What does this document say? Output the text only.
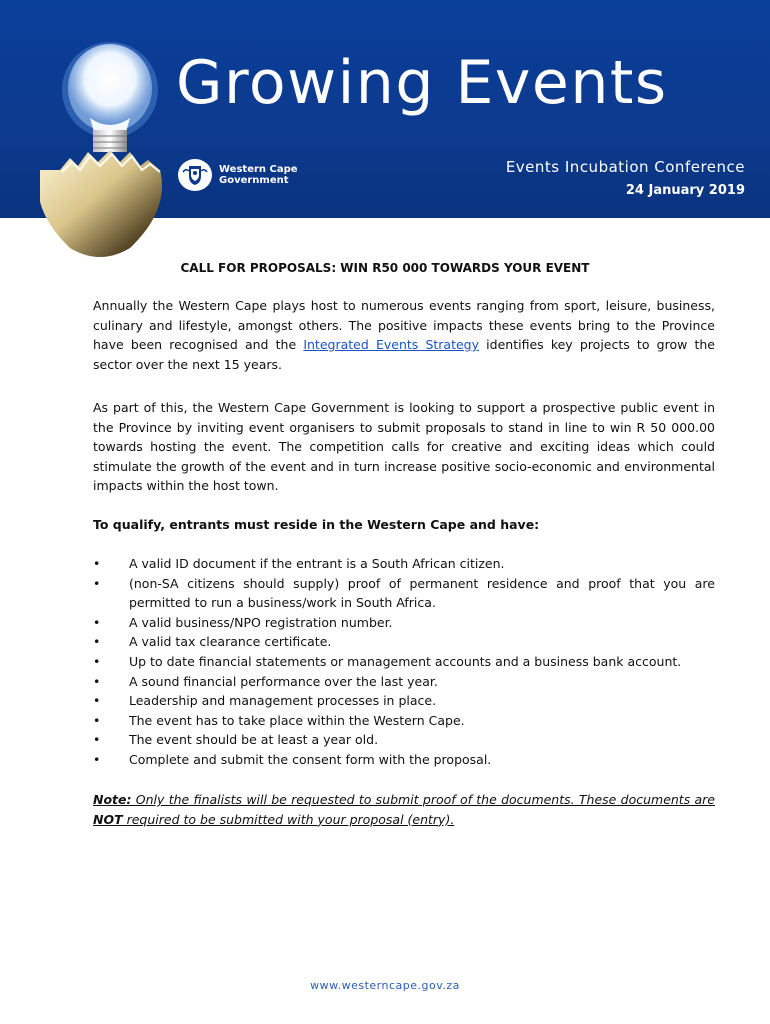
Growing Events
Western Cape
Government
Events Incubation Conference
24 January 2019
CALL FOR PROPOSALS: WIN R50 000 TOWARDS YOUR EVENT
Annually the Western Cape plays host to numerous events ranging from sport, leisure, business, culinary and lifestyle, amongst others. The positive impacts these events bring to the Province have been recognised and the Integrated Events Strategy identifies key projects to grow the sector over the next 15 years.
As part of this, the Western Cape Government is looking to support a prospective public event in the Province by inviting event organisers to submit proposals to stand in line to win R 50 000.00 towards hosting the event. The competition calls for creative and exciting ideas which could stimulate the growth of the event and in turn increase positive socio-economic and environmental impacts within the host town.
To qualify, entrants must reside in the Western Cape and have:
• A valid ID document if the entrant is a South African citizen.
• (non-SA citizens should supply) proof of permanent residence and proof that you are permitted to run a business/work in South Africa.
• A valid business/NPO registration number.
• A valid tax clearance certificate.
• Up to date financial statements or management accounts and a business bank account.
• A sound financial performance over the last year.
• Leadership and management processes in place.
• The event has to take place within the Western Cape.
• The event should be at least a year old.
• Complete and submit the consent form with the proposal.
Note: Only the finalists will be requested to submit proof of the documents. These documents are NOT required to be submitted with your proposal (entry).
www.westerncape.gov.za
